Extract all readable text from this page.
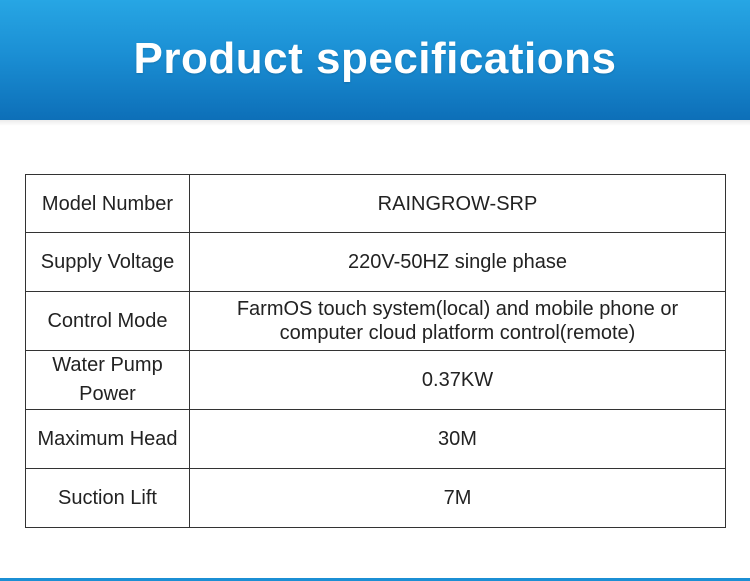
Product specifications
Model Number	RAINGROW-SRP
Supply Voltage	220V-50HZ single phase
Control Mode	FarmOS touch system(local) and mobile phone or computer cloud platform control(remote)
Water Pump Power	0.37KW
Maximum Head	30M
Suction Lift	7M
